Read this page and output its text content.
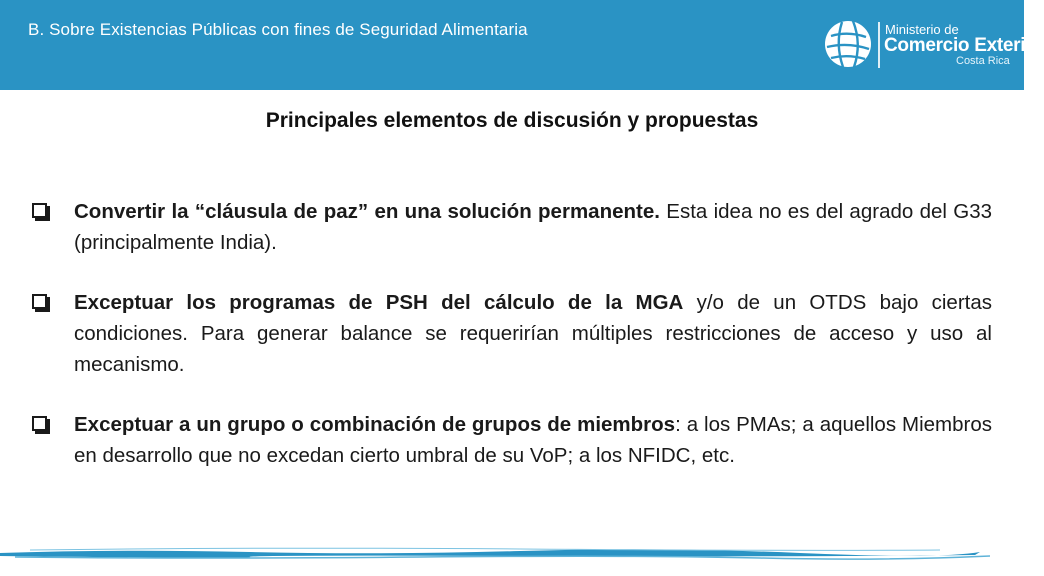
B. Sobre Existencias Públicas con fines de Seguridad Alimentaria	Ministerio de
Comercio Exterior
Costa Rica
Principales elementos de discusión y propuestas
Convertir la “cláusula de paz” en una solución permanente. Esta idea no es del agrado del G33 (principalmente India).
Exceptuar los programas de PSH del cálculo de la MGA y/o de un OTDS bajo ciertas condiciones. Para generar balance se requerirían múltiples restricciones de acceso y uso al mecanismo.
Exceptuar a un grupo o combinación de grupos de miembros: a los PMAs; a aquellos Miembros en desarrollo que no excedan cierto umbral de su VoP; a los NFIDC, etc.
